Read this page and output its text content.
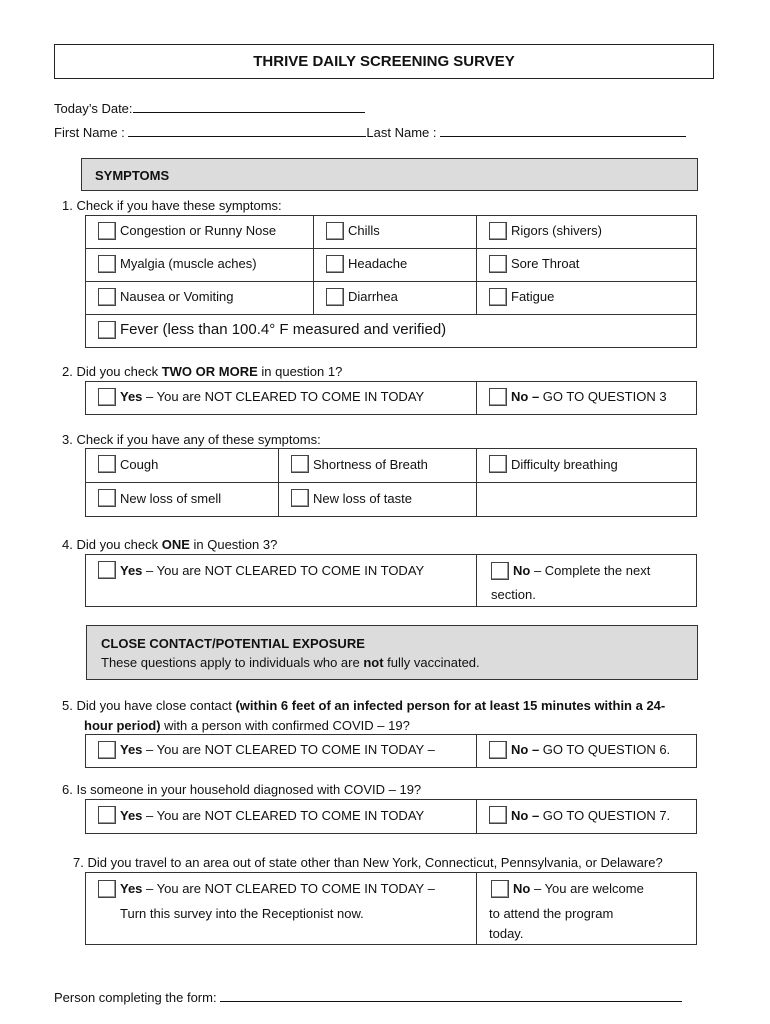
THRIVE DAILY SCREENING SURVEY
Today’s Date:
First Name :	Last Name :
SYMPTOMS
1. Check if you have these symptoms:
Congestion or Runny Nose	Chills	Rigors (shivers)

Myalgia (muscle aches)	Headache	Sore Throat

Nausea or Vomiting	Diarrhea	Fatigue

Fever (less than 100.4° F measured and verified)		
2. Did you check TWO OR MORE in question 1?
Yes – You are NOT CLEARED TO COME IN TODAY	No – GO TO QUESTION 3
3. Check if you have any of these symptoms:
Cough	Shortness of Breath	Difficulty breathing

New loss of smell	New loss of taste	

4. Did you check ONE in Question 3?
Yes – You are NOT CLEARED TO COME IN TODAY	No – Complete the next

section.
CLOSE CONTACT/POTENTIAL EXPOSURE
These questions apply to individuals who are not fully vaccinated.
5. Did you have close contact (within 6 feet of an infected person for at least 15 minutes within a 24-
hour period) with a person with confirmed COVID – 19?
Yes – You are NOT CLEARED TO COME IN TODAY –	No – GO TO QUESTION 6.
6. Is someone in your household diagnosed with COVID – 19?
Yes – You are NOT CLEARED TO COME IN TODAY	No – GO TO QUESTION 7.
7. Did you travel to an area out of state other than New York, Connecticut, Pennsylvania, or Delaware?
Yes – You are NOT CLEARED TO COME IN TODAY –

Turn this survey into the Receptionist now.	
No – You are welcome

to attend the program
today.
Person completing the form:
